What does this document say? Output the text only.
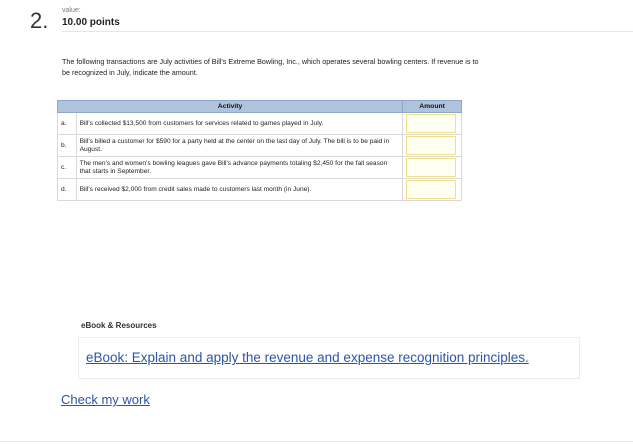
2. value:
10.00 points
The following transactions are July activities of Bill's Extreme Bowling, Inc., which operates several bowling centers. If revenue is to be recognized in July, indicate the amount.
Activity		Amount
a.	Bill's collected $13,500 from customers for services related to games played in July.	

b.	Bill's billed a customer for $590 for a party held at the center on the last day of July. The bill is to be paid in August.	

c.	The men's and women's bowling leagues gave Bill's advance payments totaling $2,450 for the fall season that starts in September.	

d.	Bill's received $2,000 from credit sales made to customers last month (in June).	
eBook & Resources
eBook: Explain and apply the revenue and expense recognition principles.
Check my work
